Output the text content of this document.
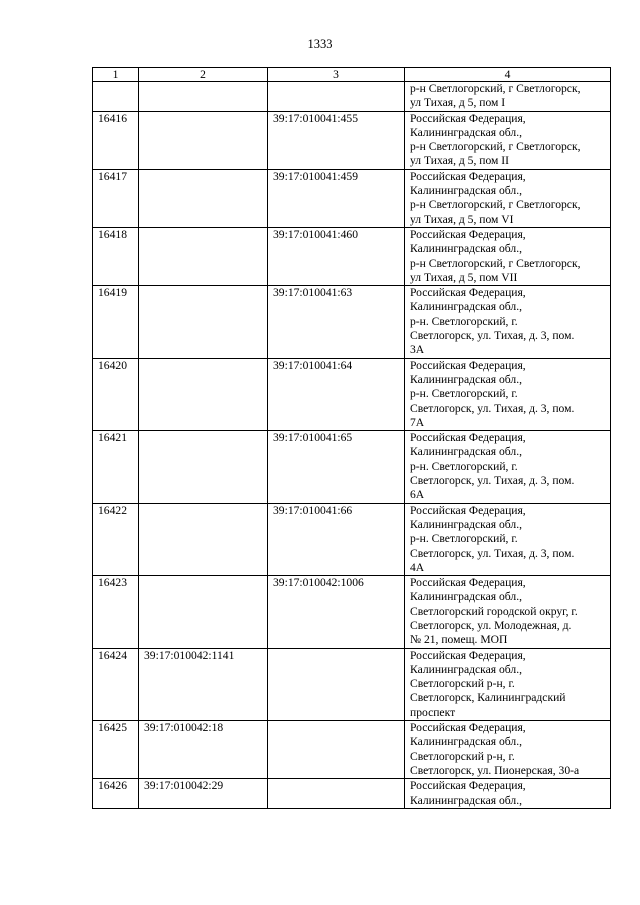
1333
1	2	3	4

			р-н Светлогорский, г Светлогорск,
ул Тихая, д 5, пом I

16416		39:17:010041:455	Российская Федерация,
Калининградская обл.,
р-н Светлогорский, г Светлогорск,
ул Тихая, д 5, пом II

16417		39:17:010041:459	Российская Федерация,
Калининградская обл.,
р-н Светлогорский, г Светлогорск,
ул Тихая, д 5, пом VI

16418		39:17:010041:460	Российская Федерация,
Калининградская обл.,
р-н Светлогорский, г Светлогорск,
ул Тихая, д 5, пом VII

16419		39:17:010041:63	Российская Федерация,
Калининградская обл.,
р-н. Светлогорский, г.
Светлогорск, ул. Тихая, д. 3, пом.
3А

16420		39:17:010041:64	Российская Федерация,
Калининградская обл.,
р-н. Светлогорский, г.
Светлогорск, ул. Тихая, д. 3, пом.
7А

16421		39:17:010041:65	Российская Федерация,
Калининградская обл.,
р-н. Светлогорский, г.
Светлогорск, ул. Тихая, д. 3, пом.
6А

16422		39:17:010041:66	Российская Федерация,
Калининградская обл.,
р-н. Светлогорский, г.
Светлогорск, ул. Тихая, д. 3, пом.
4А

16423		39:17:010042:1006	Российская Федерация,
Калининградская обл.,
Светлогорский городской округ, г.
Светлогорск, ул. Молодежная, д.
№ 21, помещ. МОП

16424	39:17:010042:1141		Российская Федерация,
Калининградская обл.,
Светлогорский р-н, г.
Светлогорск, Калининградский
проспект

16425	39:17:010042:18		Российская Федерация,
Калининградская обл.,
Светлогорский р-н, г.
Светлогорск, ул. Пионерская, 30-а

16426	39:17:010042:29		Российская Федерация,
Калининградская обл.,
